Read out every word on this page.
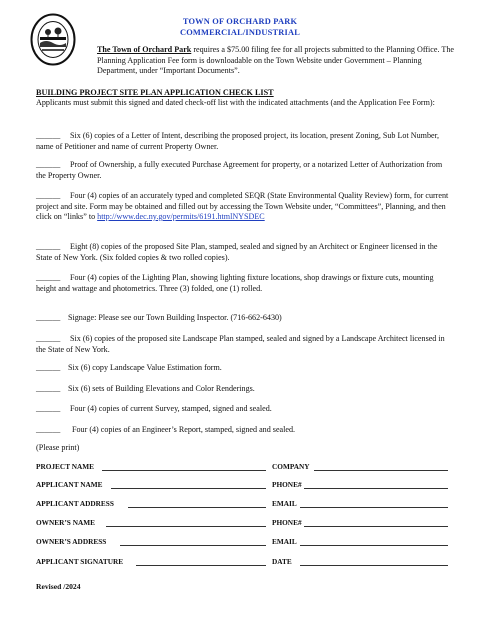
TOWN OF ORCHARD PARK
COMMERCIAL/INDUSTRIAL
The Town of Orchard Park requires a $75.00 filing fee for all projects submitted to the Planning Office. The Planning Application Fee form is downloadable on the Town Website under Government – Planning Department, under “Important Documents”.
BUILDING PROJECT SITE PLAN APPLICATION CHECK LIST
Applicants must submit this signed and dated check-off list with the indicated attachments (and the Application Fee Form):
______	Six (6) copies of a Letter of Intent, describing the proposed project, its location, present Zoning, Sub Lot Number, name of Petitioner and name of current Property Owner.
______	Proof of Ownership, a fully executed Purchase Agreement for property, or a notarized Letter of Authorization from the Property Owner.
______	Four (4) copies of an accurately typed and completed SEQR (State Environmental Quality Review) form, for current project and site. Form may be obtained and filled out by accessing the Town Website under, “Committees”, Planning, and then click on “links” to http://www.dec.ny.gov/permits/6191.htmlNYSDEC
______	Eight (8) copies of the proposed Site Plan, stamped, sealed and signed by an Architect or Engineer licensed in the State of New York. (Six folded copies & two rolled copies).
______	Four (4) copies of the Lighting Plan, showing lighting fixture locations, shop drawings or fixture cuts, mounting height and wattage and photometrics. Three (3) folded, one (1) rolled.
______ Signage: Please see our Town Building Inspector. (716-662-6430)
______	Six (6) copies of the proposed site Landscape Plan stamped, sealed and signed by a Landscape Architect licensed in the State of New York.
______ Six (6) copy Landscape Value Estimation form.
______ Six (6) sets of Building Elevations and Color Renderings.
______	Four (4) copies of current Survey, stamped, signed and sealed.
______	Four (4) copies of an Engineer’s Report, stamped, signed and sealed.
(Please print)
PROJECT NAME	COMPANY
APPLICANT NAME	PHONE#
APPLICANT ADDRESS	EMAIL
OWNER’S NAME	PHONE#
OWNER’S ADDRESS	EMAIL
APPLICANT SIGNATURE	DATE
Revised /2024
